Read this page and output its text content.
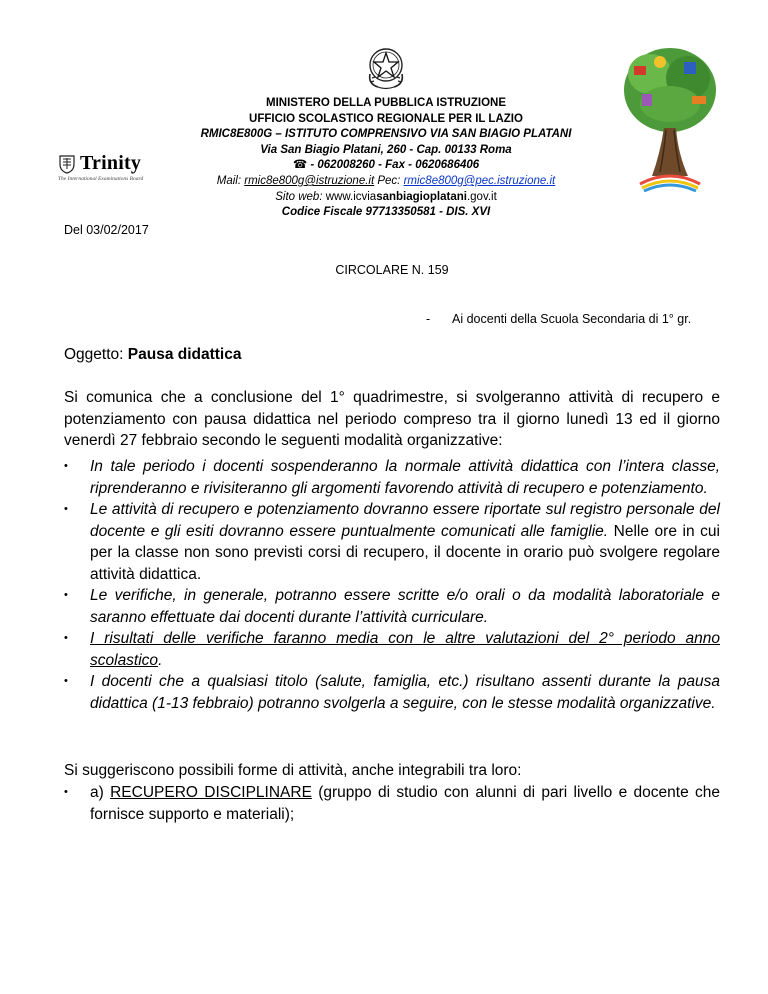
Trinity
The International Examinations Board
MINISTERO DELLA PUBBLICA ISTRUZIONE
UFFICIO SCOLASTICO REGIONALE PER IL LAZIO
RMIC8E800G – ISTITUTO COMPRENSIVO VIA SAN BIAGIO PLATANI
Via San Biagio Platani, 260 - Cap. 00133 Roma
☎ - 062008260 - Fax - 0620686406
Mail: rmic8e800g@istruzione.it Pec: rmic8e800g@pec.istruzione.it
Sito web: www.icviasanbiagioplatani.gov.it
Codice Fiscale 97713350581 - DIS. XVI
Del 03/02/2017
CIRCOLARE N. 159
- Ai docenti della Scuola Secondaria di 1° gr.
Oggetto: Pausa didattica
Si comunica che a conclusione del 1° quadrimestre, si svolgeranno attività di recupero e potenziamento con pausa didattica nel periodo compreso tra il giorno lunedì 13 ed il giorno venerdì 27 febbraio secondo le seguenti modalità organizzative:
• In tale periodo i docenti sospenderanno la normale attività didattica con l’intera classe, riprenderanno e rivisiteranno gli argomenti favorendo attività di recupero e potenziamento.
• Le attività di recupero e potenziamento dovranno essere riportate sul registro personale del docente e gli esiti dovranno essere puntualmente comunicati alle famiglie. Nelle ore in cui per la classe non sono previsti corsi di recupero, il docente in orario può svolgere regolare attività didattica.
• Le verifiche, in generale, potranno essere scritte e/o orali o da modalità laboratoriale e saranno effettuate dai docenti durante l’attività curriculare.
• I risultati delle verifiche faranno media con le altre valutazioni del 2° periodo anno scolastico.
• I docenti che a qualsiasi titolo (salute, famiglia, etc.) risultano assenti durante la pausa didattica (1-13 febbraio) potranno svolgerla a seguire, con le stesse modalità organizzative.
Si suggeriscono possibili forme di attività, anche integrabili tra loro:
• a) RECUPERO DISCIPLINARE (gruppo di studio con alunni di pari livello e docente che fornisce supporto e materiali);
